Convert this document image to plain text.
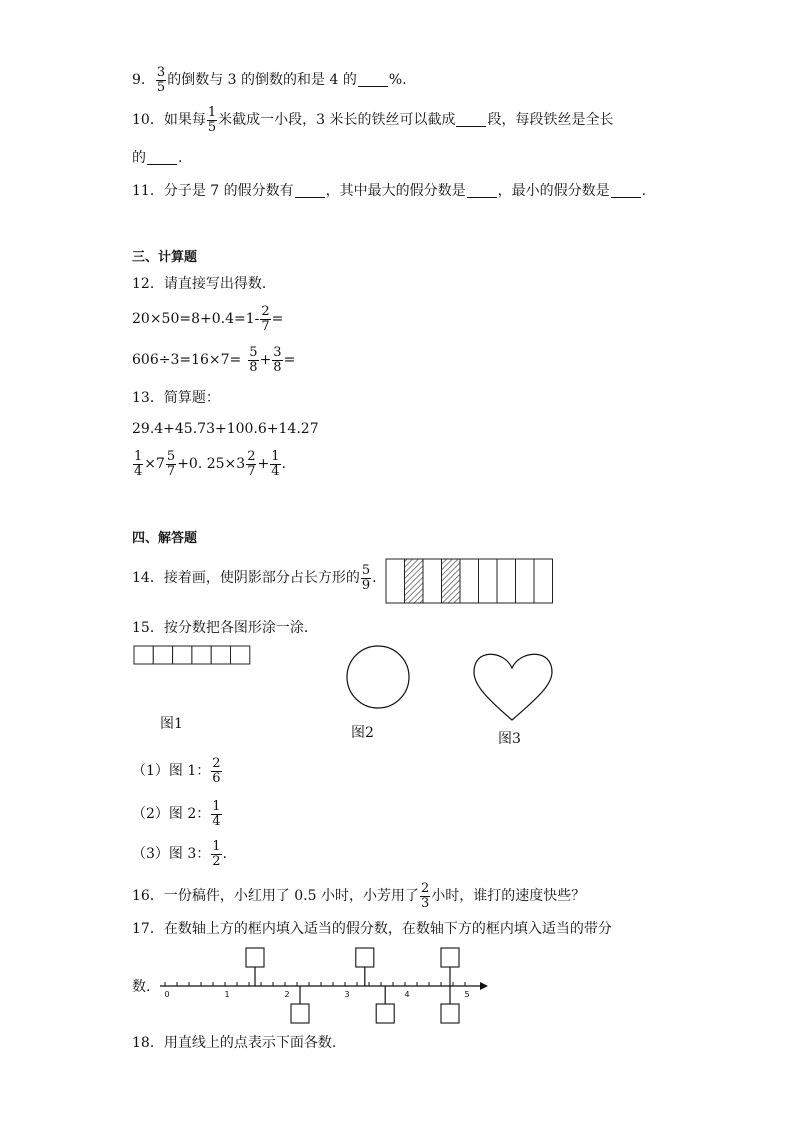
9． $\frac{3}{5}$ 的倒数与 3 的倒数的和是 4 的 %.
10．如果每 $\frac{1}{5}$ 米截成一小段，3 米长的铁丝可以截成 段，每段铁丝是全长
的 .
11．分子是 7 的假分数有 ，其中最大的假分数是 ，最小的假分数是 .
三、计算题
12．请直接写出得数．
$20\times 50= 8+0.4= 1- \frac{2}{7}$ =
$606\div 3= 16\times 7= \frac{5}{8} + \frac{3}{8}$ =
13．简算题：
29.4+45.73+100.6+14.27
$\frac{1}{4} \times 7 \frac{5}{7} +0$. $25\times 3 \frac{2}{7} + \frac{1}{4}$ .
四、解答题
14．接着画，使阴影部分占长方形的 $\frac{5}{9}$ .
15．按分数把各图形涂一涂．
图1
图2	图3
（1）图 1： $\frac{2}{6}$
（2）图 2： $\frac{1}{4}$
（3）图 3： $\frac{1}{2}$ .
16．一份稿件，小红用了 0.5 小时，小芳用了 $\frac{2}{3}$ 小时，谁打的速度快些？
17．在数轴上方的框内填入适当的假分数，在数轴下方的框内填入适当的带分
数. 0	1	2	3	4	5
18．用直线上的点表示下面各数．
